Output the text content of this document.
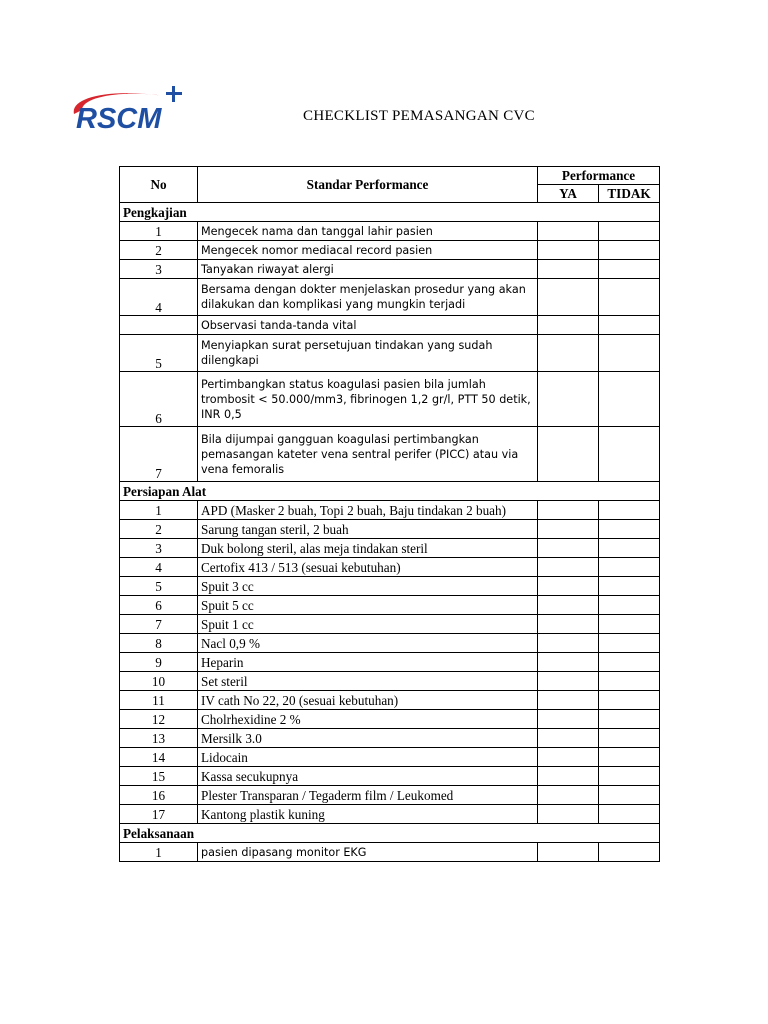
RSCM	CHECKLIST PEMASANGAN CVC
No	Standar Performance	Performance	
		YA	TIDAK
Pengkajian			
1	Mengecek nama dan tanggal lahir pasien		
2	Mengecek nomor mediacal record pasien		
3	Tanyakan riwayat alergi		
4	Bersama dengan dokter menjelaskan prosedur yang akan dilakukan dan komplikasi yang mungkin terjadi		
	Observasi tanda-tanda vital		
5	Menyiapkan surat persetujuan tindakan yang sudah dilengkapi		
6	Pertimbangkan status koagulasi pasien bila jumlah trombosit < 50.000/mm3, fibrinogen 1,2 gr/l, PTT 50 detik, INR 0,5		
7	Bila dijumpai gangguan koagulasi pertimbangkan pemasangan kateter vena sentral perifer (PICC) atau via vena femoralis		
Persiapan Alat			
1	APD (Masker 2 buah, Topi 2 buah, Baju tindakan 2 buah)		
2	Sarung tangan steril, 2 buah		
3	Duk bolong steril, alas meja tindakan steril		
4	Certofix 413 / 513 (sesuai kebutuhan)		
5	Spuit 3 cc		
6	Spuit 5 cc		
7	Spuit 1 cc		
8	Nacl 0,9 %		
9	Heparin		
10	Set steril		
11	IV cath No 22, 20 (sesuai kebutuhan)		
12	Cholrhexidine 2 %		
13	Mersilk 3.0		
14	Lidocain		
15	Kassa secukupnya		
16	Plester Transparan / Tegaderm film / Leukomed		
17	Kantong plastik kuning		
Pelaksanaan			
1	pasien dipasang monitor EKG		
